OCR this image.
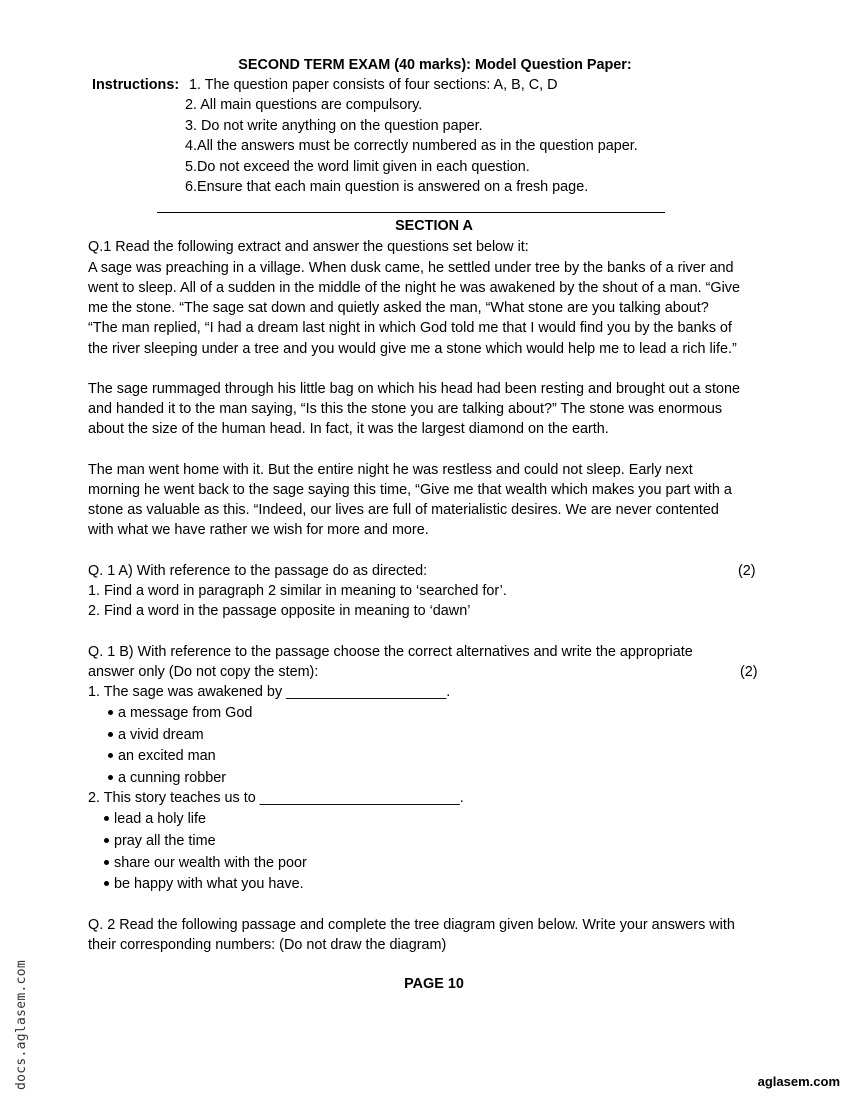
SECOND TERM EXAM (40 marks): Model Question Paper:
Instructions: 1. The question paper consists of four sections: A, B, C, D
2. All main questions are compulsory.
3. Do not write anything on the question paper.
4.All the answers must be correctly numbered as in the question paper.
5.Do not exceed the word limit given in each question.
6.Ensure that each main question is answered on a fresh page.
SECTION A
Q.1 Read the following extract and answer the questions set below it:
A sage was preaching in a village. When dusk came, he settled under tree by the banks of a river and
went to sleep. All of a sudden in the middle of the night he was awakened by the shout of a man. “Give
me the stone. “The sage sat down and quietly asked the man, “What stone are you talking about?
“The man replied, “I had a dream last night in which God told me that I would find you by the banks of
the river sleeping under a tree and you would give me a stone which would help me to lead a rich life.”
The sage rummaged through his little bag on which his head had been resting and brought out a stone
and handed it to the man saying, “Is this the stone you are talking about?” The stone was enormous
about the size of the human head. In fact, it was the largest diamond on the earth.
The man went home with it. But the entire night he was restless and could not sleep. Early next
morning he went back to the sage saying this time, “Give me that wealth which makes you part with a
stone as valuable as this. “Indeed, our lives are full of materialistic desires. We are never contented
with what we have rather we wish for more and more.
Q. 1 A) With reference to the passage do as directed:	(2)
1. Find a word in paragraph 2 similar in meaning to ‘searched for’.
2. Find a word in the passage opposite in meaning to ‘dawn’
Q. 1 B) With reference to the passage choose the correct alternatives and write the appropriate
answer only (Do not copy the stem):	(2)
1. The sage was awakened by ____________________.
a message from God
a vivid dream
an excited man
a cunning robber
2. This story teaches us to _________________________.
lead a holy life
pray all the time
share our wealth with the poor
be happy with what you have.
Q. 2 Read the following passage and complete the tree diagram given below. Write your answers with
their corresponding numbers: (Do not draw the diagram)
PAGE 10
docs.aglasem.com	aglasem.com
